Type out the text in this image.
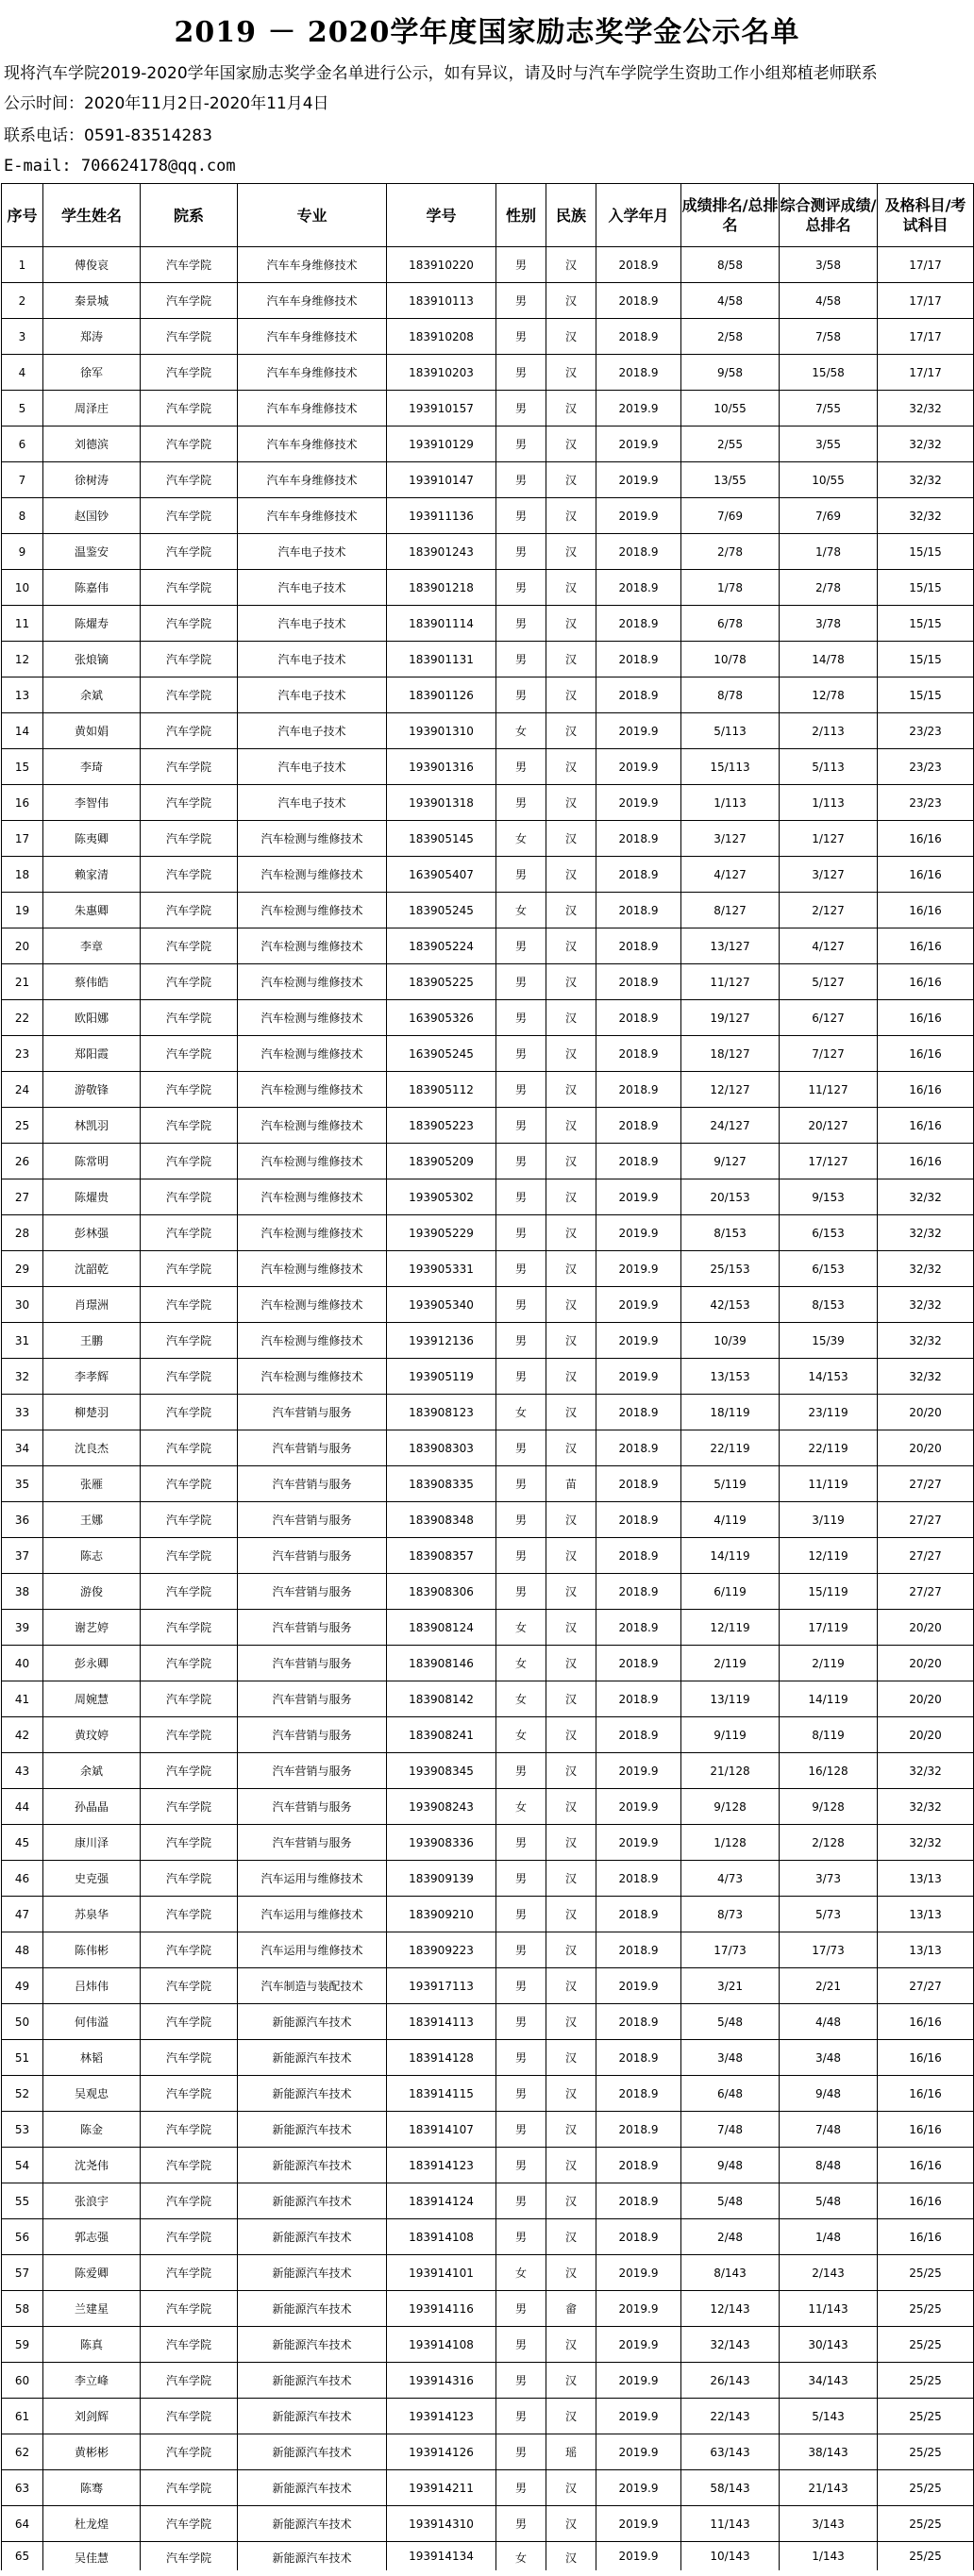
2019 － 2020学年度国家励志奖学金公示名单
现将汽车学院2019-2020学年国家励志奖学金名单进行公示，如有异议，请及时与汽车学院学生资助工作小组郑植老师联系
公示时间：2020年11月2日-2020年11月4日
联系电话：0591-83514283
E-mail: 706624178@qq.com
序号	学生姓名	院系	专业	学号	性别	民族	入学年月	成绩排名/总排名	综合测评成绩/总排名	及格科目/考试科目
1	傅俊哀	汽车学院	汽车车身维修技术	183910220	男	汉	2018.9	8/58	3/58	17/17
2	秦景城	汽车学院	汽车车身维修技术	183910113	男	汉	2018.9	4/58	4/58	17/17
3	郑涛	汽车学院	汽车车身维修技术	183910208	男	汉	2018.9	2/58	7/58	17/17
4	徐军	汽车学院	汽车车身维修技术	183910203	男	汉	2018.9	9/58	15/58	17/17
5	周泽庄	汽车学院	汽车车身维修技术	193910157	男	汉	2019.9	10/55	7/55	32/32
6	刘德滨	汽车学院	汽车车身维修技术	193910129	男	汉	2019.9	2/55	3/55	32/32
7	徐树涛	汽车学院	汽车车身维修技术	193910147	男	汉	2019.9	13/55	10/55	32/32
8	赵国钞	汽车学院	汽车车身维修技术	193911136	男	汉	2019.9	7/69	7/69	32/32
9	温鉴安	汽车学院	汽车电子技术	183901243	男	汉	2018.9	2/78	1/78	15/15
10	陈嘉伟	汽车学院	汽车电子技术	183901218	男	汉	2018.9	1/78	2/78	15/15
11	陈燿寿	汽车学院	汽车电子技术	183901114	男	汉	2018.9	6/78	3/78	15/15
12	张烺镝	汽车学院	汽车电子技术	183901131	男	汉	2018.9	10/78	14/78	15/15
13	余斌	汽车学院	汽车电子技术	183901126	男	汉	2018.9	8/78	12/78	15/15
14	黄如娟	汽车学院	汽车电子技术	193901310	女	汉	2019.9	5/113	2/113	23/23
15	李琦	汽车学院	汽车电子技术	193901316	男	汉	2019.9	15/113	5/113	23/23
16	李智伟	汽车学院	汽车电子技术	193901318	男	汉	2019.9	1/113	1/113	23/23
17	陈夷卿	汽车学院	汽车检测与维修技术	183905145	女	汉	2018.9	3/127	1/127	16/16
18	赖家清	汽车学院	汽车检测与维修技术	163905407	男	汉	2018.9	4/127	3/127	16/16
19	朱惠卿	汽车学院	汽车检测与维修技术	183905245	女	汉	2018.9	8/127	2/127	16/16
20	李章	汽车学院	汽车检测与维修技术	183905224	男	汉	2018.9	13/127	4/127	16/16
21	蔡伟皓	汽车学院	汽车检测与维修技术	183905225	男	汉	2018.9	11/127	5/127	16/16
22	欧阳娜	汽车学院	汽车检测与维修技术	163905326	男	汉	2018.9	19/127	6/127	16/16
23	郑阳霞	汽车学院	汽车检测与维修技术	163905245	男	汉	2018.9	18/127	7/127	16/16
24	游敬锋	汽车学院	汽车检测与维修技术	183905112	男	汉	2018.9	12/127	11/127	16/16
25	林凯羽	汽车学院	汽车检测与维修技术	183905223	男	汉	2018.9	24/127	20/127	16/16
26	陈常明	汽车学院	汽车检测与维修技术	183905209	男	汉	2018.9	9/127	17/127	16/16
27	陈燿贵	汽车学院	汽车检测与维修技术	193905302	男	汉	2019.9	20/153	9/153	32/32
28	彭林强	汽车学院	汽车检测与维修技术	193905229	男	汉	2019.9	8/153	6/153	32/32
29	沈韶乾	汽车学院	汽车检测与维修技术	193905331	男	汉	2019.9	25/153	6/153	32/32
30	肖璟洲	汽车学院	汽车检测与维修技术	193905340	男	汉	2019.9	42/153	8/153	32/32
31	王鹏	汽车学院	汽车检测与维修技术	193912136	男	汉	2019.9	10/39	15/39	32/32
32	李孝辉	汽车学院	汽车检测与维修技术	193905119	男	汉	2019.9	13/153	14/153	32/32
33	柳楚羽	汽车学院	汽车营销与服务	183908123	女	汉	2018.9	18/119	23/119	20/20
34	沈良杰	汽车学院	汽车营销与服务	183908303	男	汉	2018.9	22/119	22/119	20/20
35	张雁	汽车学院	汽车营销与服务	183908335	男	苗	2018.9	5/119	11/119	27/27
36	王娜	汽车学院	汽车营销与服务	183908348	男	汉	2018.9	4/119	3/119	27/27
37	陈志	汽车学院	汽车营销与服务	183908357	男	汉	2018.9	14/119	12/119	27/27
38	游俊	汽车学院	汽车营销与服务	183908306	男	汉	2018.9	6/119	15/119	27/27
39	谢艺婷	汽车学院	汽车营销与服务	183908124	女	汉	2018.9	12/119	17/119	20/20
40	彭永卿	汽车学院	汽车营销与服务	183908146	女	汉	2018.9	2/119	2/119	20/20
41	周婉慧	汽车学院	汽车营销与服务	183908142	女	汉	2018.9	13/119	14/119	20/20
42	黄玟婷	汽车学院	汽车营销与服务	183908241	女	汉	2018.9	9/119	8/119	20/20
43	余斌	汽车学院	汽车营销与服务	193908345	男	汉	2019.9	21/128	16/128	32/32
44	孙晶晶	汽车学院	汽车营销与服务	193908243	女	汉	2019.9	9/128	9/128	32/32
45	康川泽	汽车学院	汽车营销与服务	193908336	男	汉	2019.9	1/128	2/128	32/32
46	史克强	汽车学院	汽车运用与维修技术	183909139	男	汉	2018.9	4/73	3/73	13/13
47	苏泉华	汽车学院	汽车运用与维修技术	183909210	男	汉	2018.9	8/73	5/73	13/13
48	陈伟彬	汽车学院	汽车运用与维修技术	183909223	男	汉	2018.9	17/73	17/73	13/13
49	吕炜伟	汽车学院	汽车制造与装配技术	193917113	男	汉	2019.9	3/21	2/21	27/27
50	何伟溢	汽车学院	新能源汽车技术	183914113	男	汉	2018.9	5/48	4/48	16/16
51	林韬	汽车学院	新能源汽车技术	183914128	男	汉	2018.9	3/48	3/48	16/16
52	吴观忠	汽车学院	新能源汽车技术	183914115	男	汉	2018.9	6/48	9/48	16/16
53	陈金	汽车学院	新能源汽车技术	183914107	男	汉	2018.9	7/48	7/48	16/16
54	沈尧伟	汽车学院	新能源汽车技术	183914123	男	汉	2018.9	9/48	8/48	16/16
55	张浪宇	汽车学院	新能源汽车技术	183914124	男	汉	2018.9	5/48	5/48	16/16
56	郭志强	汽车学院	新能源汽车技术	183914108	男	汉	2018.9	2/48	1/48	16/16
57	陈爱卿	汽车学院	新能源汽车技术	193914101	女	汉	2019.9	8/143	2/143	25/25
58	兰建星	汽车学院	新能源汽车技术	193914116	男	畲	2019.9	12/143	11/143	25/25
59	陈真	汽车学院	新能源汽车技术	193914108	男	汉	2019.9	32/143	30/143	25/25
60	李立峰	汽车学院	新能源汽车技术	193914316	男	汉	2019.9	26/143	34/143	25/25
61	刘剑辉	汽车学院	新能源汽车技术	193914123	男	汉	2019.9	22/143	5/143	25/25
62	黄彬彬	汽车学院	新能源汽车技术	193914126	男	瑶	2019.9	63/143	38/143	25/25
63	陈骞	汽车学院	新能源汽车技术	193914211	男	汉	2019.9	58/143	21/143	25/25
64	杜龙煌	汽车学院	新能源汽车技术	193914310	男	汉	2019.9	11/143	3/143	25/25
65	吴佳慧	汽车学院	新能源汽车技术	193914134	女	汉	2019.9	10/143	1/143	25/25
